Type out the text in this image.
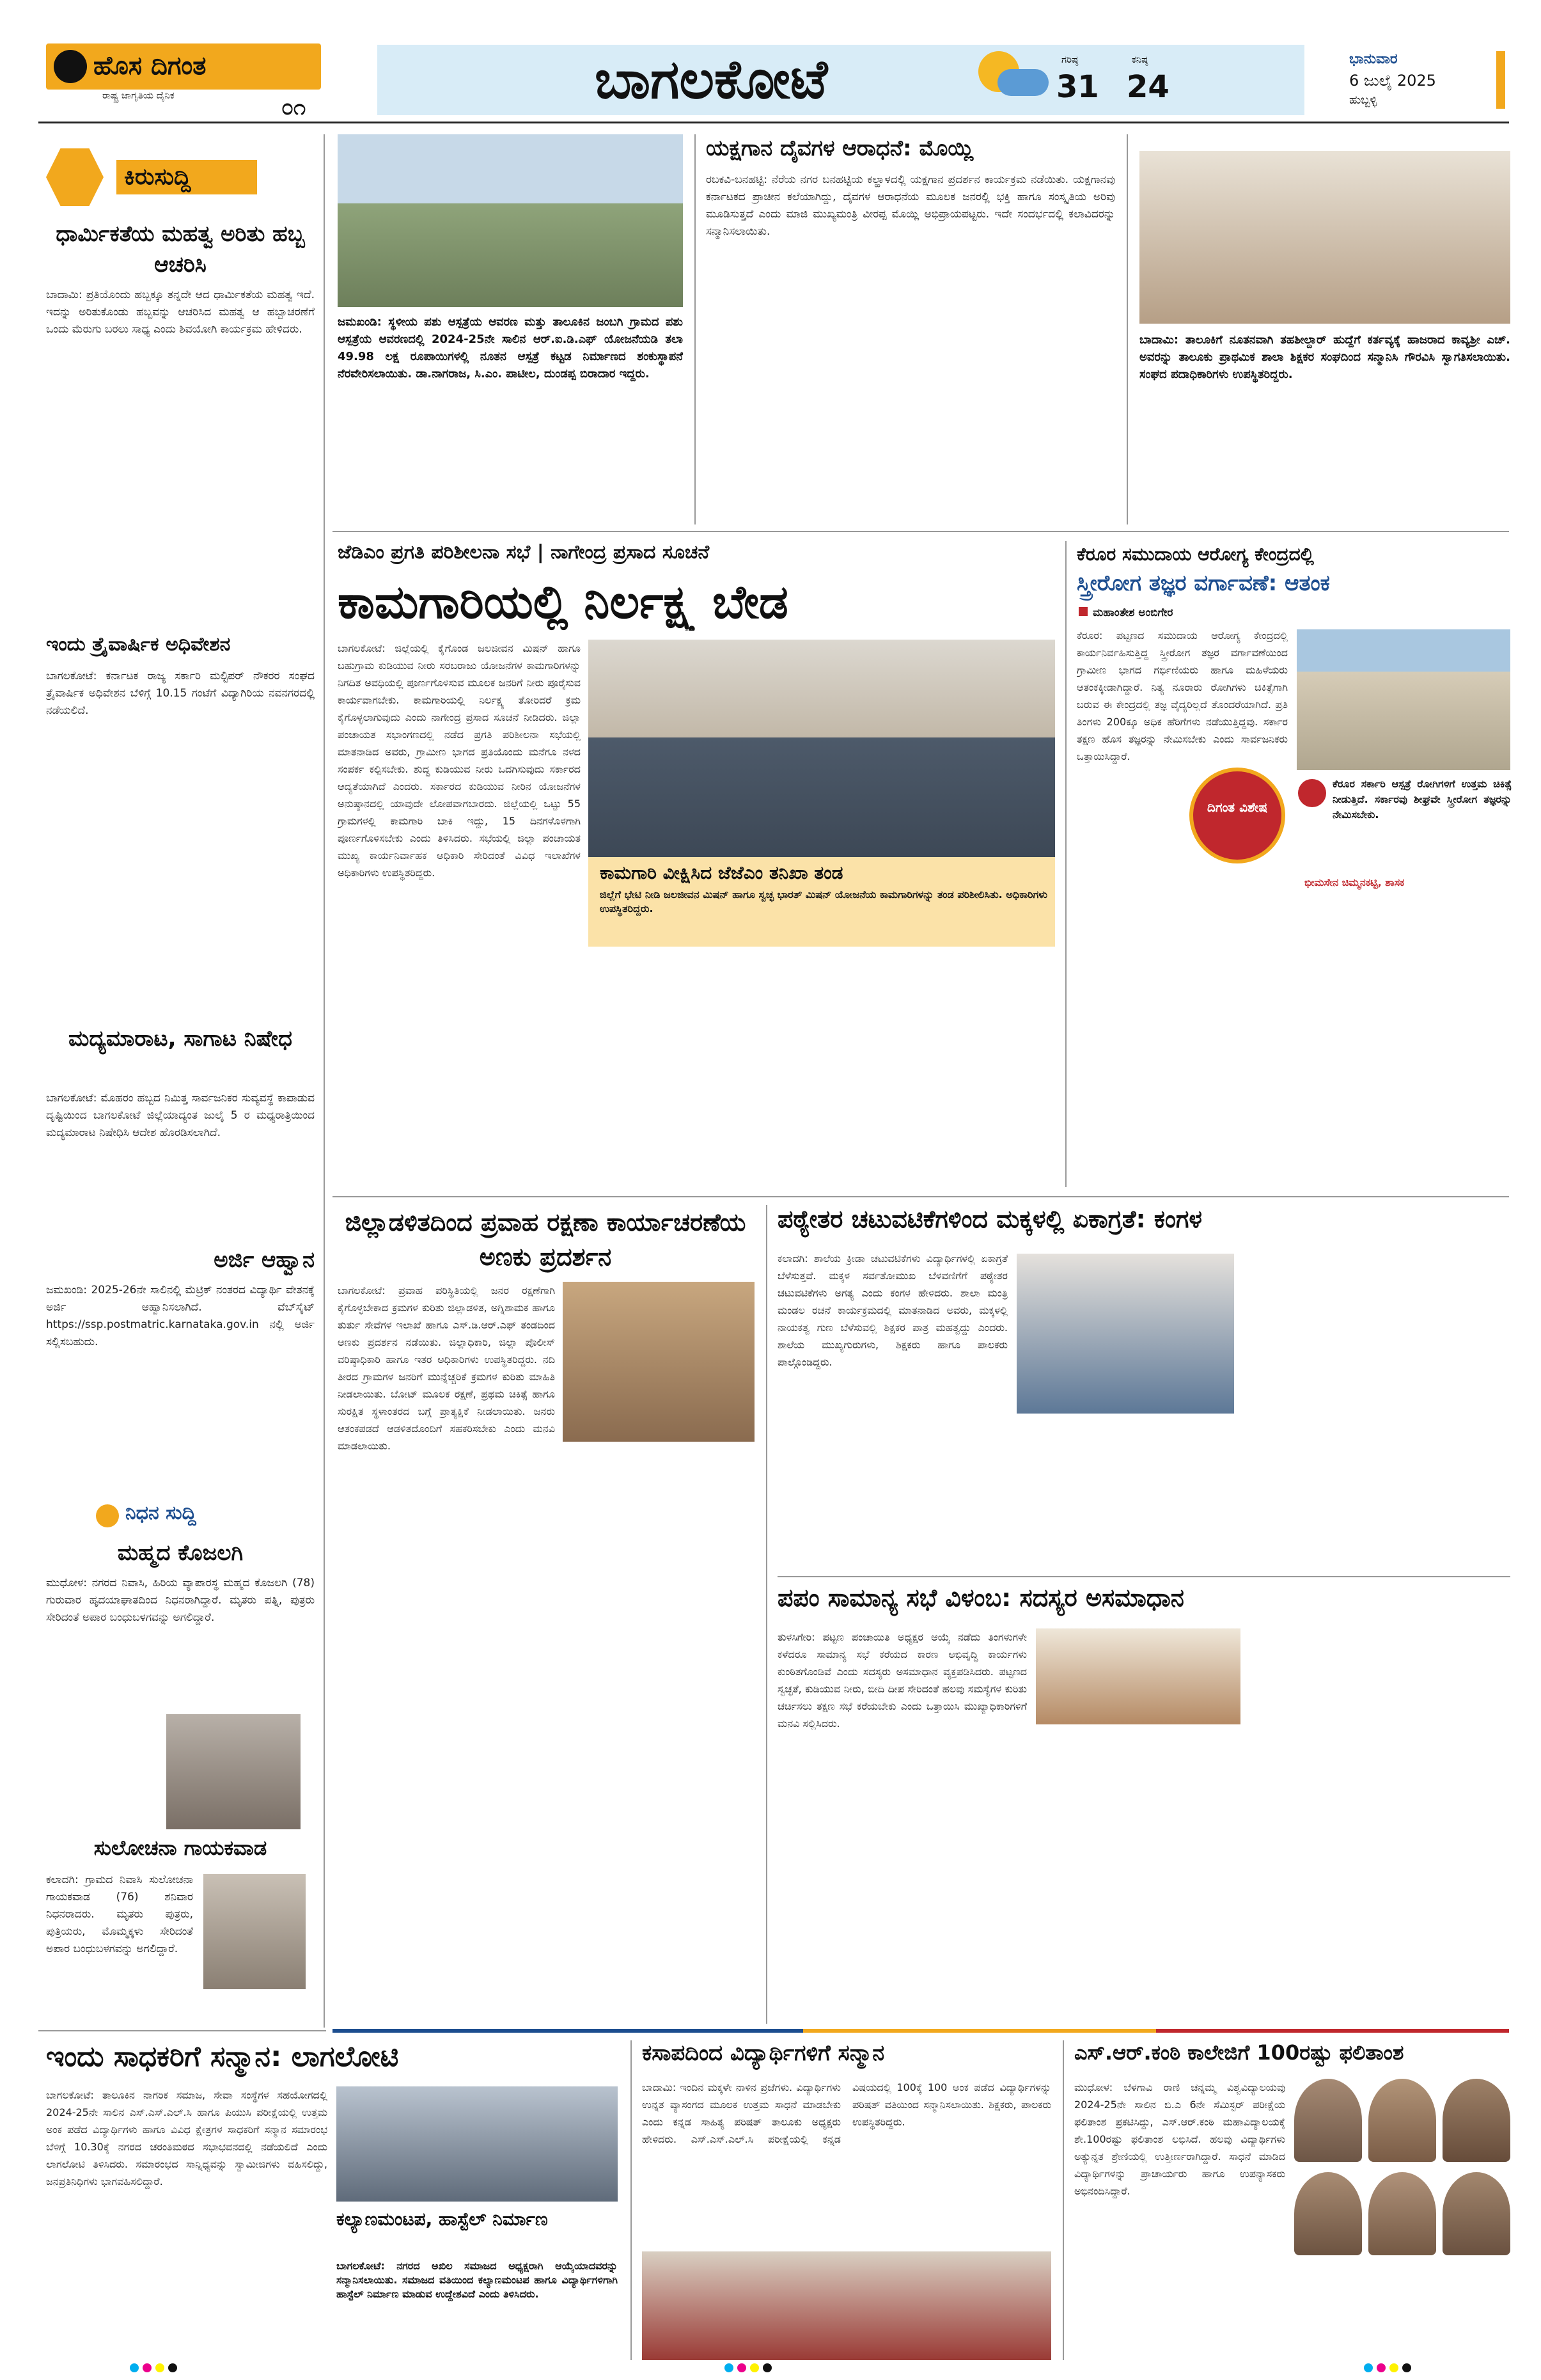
ಹೊಸ ದಿಗಂತ
ರಾಷ್ಟ್ರ ಜಾಗೃತಿಯ ದೈನಿಕ	೦೧	ಬಾಗಲಕೋಟೆ	ಗರಿಷ್ಠ
31
ಕನಿಷ್ಠ
24
ಭಾನುವಾರ
6 ಜುಲೈ 2025
ಹುಬ್ಬಳ್ಳಿ
ಕಿರುಸುದ್ದಿ
ಧಾರ್ಮಿಕತೆಯ ಮಹತ್ವ ಅರಿತು ಹಬ್ಬ ಆಚರಿಸಿ
ಬಾದಾಮಿ: ಪ್ರತಿಯೊಂದು ಹಬ್ಬಕ್ಕೂ ತನ್ನದೇ ಆದ ಧಾರ್ಮಿಕತೆಯ ಮಹತ್ವ ಇದೆ. ಇದನ್ನು ಅರಿತುಕೊಂಡು ಹಬ್ಬವನ್ನು ಆಚರಿಸಿದ ಮಹತ್ವ ಆ ಹಬ್ಬಾಚರಣೆಗೆ ಒಂದು ಮೆರುಗು ಬರಲು ಸಾಧ್ಯ ಎಂದು ಶಿವಯೋಗಿ ಕಾರ್ಯಕ್ರಮ ಹೇಳಿದರು.
ಇಂದು ತ್ರೈವಾರ್ಷಿಕ ಅಧಿವೇಶನ
ಬಾಗಲಕೋಟೆ: ಕರ್ನಾಟಕ ರಾಜ್ಯ ಸರ್ಕಾರಿ ಮಲ್ಟಿಪರ್ ನೌಕರರ ಸಂಘದ ತ್ರೈವಾರ್ಷಿಕ ಅಧಿವೇಶನ ಬೆಳಿಗ್ಗೆ 10.15 ಗಂಟೆಗೆ ವಿದ್ಯಾಗಿರಿಯ ನವನಗರದಲ್ಲಿ ನಡೆಯಲಿದೆ.
ಮದ್ಯಮಾರಾಟ, ಸಾಗಾಟ ನಿಷೇಧ
ಬಾಗಲಕೋಟೆ: ಮೊಹರಂ ಹಬ್ಬದ ನಿಮಿತ್ತ ಸಾರ್ವಜನಿಕರ ಸುವ್ಯವಸ್ಥೆ ಕಾಪಾಡುವ ದೃಷ್ಟಿಯಿಂದ ಬಾಗಲಕೋಟೆ ಜಿಲ್ಲೆಯಾದ್ಯಂತ ಜುಲೈ 5 ರ ಮಧ್ಯರಾತ್ರಿಯಿಂದ ಮದ್ಯಮಾರಾಟ ನಿಷೇಧಿಸಿ ಆದೇಶ ಹೊರಡಿಸಲಾಗಿದೆ.
ಅರ್ಜಿ ಆಹ್ವಾನ
ಜಮಖಂಡಿ: 2025-26ನೇ ಸಾಲಿನಲ್ಲಿ ಮೆಟ್ರಿಕ್ ನಂತರದ ವಿದ್ಯಾರ್ಥಿ ವೇತನಕ್ಕೆ ಅರ್ಜಿ ಆಹ್ವಾನಿಸಲಾಗಿದೆ. ವೆಬ್‌ಸೈಟ್ https://ssp.postmatric.karnataka.gov.in ನಲ್ಲಿ ಅರ್ಜಿ ಸಲ್ಲಿಸಬಹುದು.
ನಿಧನ ಸುದ್ದಿ
ಮಹ್ಮದ ಕೊಜಲಗಿ
ಮುಧೋಳ: ನಗರದ ನಿವಾಸಿ, ಹಿರಿಯ ವ್ಯಾಪಾರಸ್ಥ ಮಹ್ಮದ ಕೊಜಲಗಿ (78) ಗುರುವಾರ ಹೃದಯಾಘಾತದಿಂದ ನಿಧನರಾಗಿದ್ದಾರೆ. ಮೃತರು ಪತ್ನಿ, ಪುತ್ರರು ಸೇರಿದಂತೆ ಅಪಾರ ಬಂಧುಬಳಗವನ್ನು ಅಗಲಿದ್ದಾರೆ.
ಸುಲೋಚನಾ ಗಾಯಕವಾಡ
ಕಲಾದಗಿ: ಗ್ರಾಮದ ನಿವಾಸಿ ಸುಲೋಚನಾ ಗಾಯಕವಾಡ (76) ಶನಿವಾರ ನಿಧನರಾದರು. ಮೃತರು ಪುತ್ರರು, ಪುತ್ರಿಯರು, ಮೊಮ್ಮಕ್ಕಳು ಸೇರಿದಂತೆ ಅಪಾರ ಬಂಧುಬಳಗವನ್ನು ಅಗಲಿದ್ದಾರೆ.
ಜಮಖಂಡಿ: ಸ್ಥಳೀಯ ಪಶು ಆಸ್ಪತ್ರೆಯ ಆವರಣ ಮತ್ತು ತಾಲೂಕಿನ ಜಂಬಗಿ ಗ್ರಾಮದ ಪಶು ಆಸ್ಪತ್ರೆಯ ಆವರಣದಲ್ಲಿ 2024-25ನೇ ಸಾಲಿನ ಆರ್.ಐ.ಡಿ.ಎಫ್ ಯೋಜನೆಯಡಿ ತಲಾ 49.98 ಲಕ್ಷ ರೂಪಾಯಿಗಳಲ್ಲಿ ನೂತನ ಆಸ್ಪತ್ರೆ ಕಟ್ಟಡ ನಿರ್ಮಾಣದ ಶಂಕುಸ್ಥಾಪನೆ ನೆರವೇರಿಸಲಾಯಿತು. ಡಾ.ನಾಗರಾಜ, ಸಿ.ಎಂ. ಪಾಟೀಲ, ದುಂಡಪ್ಪ ಬಿರಾದಾರ ಇದ್ದರು.
ಯಕ್ಷಗಾನ ದೈವಗಳ ಆರಾಧನೆ: ಮೊಯ್ಲಿ
ರಬಕವಿ-ಬನಹಟ್ಟಿ: ನೆರೆಯ ನಗರ ಬನಹಟ್ಟಿಯ ಕಲ್ಹಾಳದಲ್ಲಿ ಯಕ್ಷಗಾನ ಪ್ರದರ್ಶನ ಕಾರ್ಯಕ್ರಮ ನಡೆಯಿತು. ಯಕ್ಷಗಾನವು ಕರ್ನಾಟಕದ ಪ್ರಾಚೀನ ಕಲೆಯಾಗಿದ್ದು, ದೈವಗಳ ಆರಾಧನೆಯ ಮೂಲಕ ಜನರಲ್ಲಿ ಭಕ್ತಿ ಹಾಗೂ ಸಂಸ್ಕೃತಿಯ ಅರಿವು ಮೂಡಿಸುತ್ತದೆ ಎಂದು ಮಾಜಿ ಮುಖ್ಯಮಂತ್ರಿ ವೀರಪ್ಪ ಮೊಯ್ಲಿ ಅಭಿಪ್ರಾಯಪಟ್ಟರು. ಇದೇ ಸಂದರ್ಭದಲ್ಲಿ ಕಲಾವಿದರನ್ನು ಸನ್ಮಾನಿಸಲಾಯಿತು.
ಬಾದಾಮಿ: ತಾಲೂಕಿಗೆ ನೂತನವಾಗಿ ತಹಶೀಲ್ದಾರ್ ಹುದ್ದೆಗೆ ಕರ್ತವ್ಯಕ್ಕೆ ಹಾಜರಾದ ಕಾವ್ಯಶ್ರೀ ಎಚ್. ಅವರನ್ನು ತಾಲೂಕು ಪ್ರಾಥಮಿಕ ಶಾಲಾ ಶಿಕ್ಷಕರ ಸಂಘದಿಂದ ಸನ್ಮಾನಿಸಿ ಗೌರವಿಸಿ ಸ್ವಾಗತಿಸಲಾಯಿತು. ಸಂಘದ ಪದಾಧಿಕಾರಿಗಳು ಉಪಸ್ಥಿತರಿದ್ದರು.
ಜೆಡಿಎಂ ಪ್ರಗತಿ ಪರಿಶೀಲನಾ ಸಭೆ | ನಾಗೇಂದ್ರ ಪ್ರಸಾದ ಸೂಚನೆ
ಕಾಮಗಾರಿಯಲ್ಲಿ ನಿರ್ಲಕ್ಷ್ಯ ಬೇಡ
ಬಾಗಲಕೋಟೆ: ಜಿಲ್ಲೆಯಲ್ಲಿ ಕೈಗೊಂಡ ಜಲಜೀವನ ಮಿಷನ್ ಹಾಗೂ ಬಹುಗ್ರಾಮ ಕುಡಿಯುವ ನೀರು ಸರಬರಾಜು ಯೋಜನೆಗಳ ಕಾಮಗಾರಿಗಳನ್ನು ನಿಗದಿತ ಅವಧಿಯಲ್ಲಿ ಪೂರ್ಣಗೊಳಿಸುವ ಮೂಲಕ ಜನರಿಗೆ ನೀರು ಪೂರೈಸುವ ಕಾರ್ಯವಾಗಬೇಕು. ಕಾಮಗಾರಿಯಲ್ಲಿ ನಿರ್ಲಕ್ಷ್ಯ ತೋರಿದರೆ ಕ್ರಮ ಕೈಗೊಳ್ಳಲಾಗುವುದು ಎಂದು ನಾಗೇಂದ್ರ ಪ್ರಸಾದ ಸೂಚನೆ ನೀಡಿದರು. ಜಿಲ್ಲಾ ಪಂಚಾಯತ ಸಭಾಂಗಣದಲ್ಲಿ ನಡೆದ ಪ್ರಗತಿ ಪರಿಶೀಲನಾ ಸಭೆಯಲ್ಲಿ ಮಾತನಾಡಿದ ಅವರು, ಗ್ರಾಮೀಣ ಭಾಗದ ಪ್ರತಿಯೊಂದು ಮನೆಗೂ ನಳದ ಸಂಪರ್ಕ ಕಲ್ಪಿಸಬೇಕು. ಶುದ್ಧ ಕುಡಿಯುವ ನೀರು ಒದಗಿಸುವುದು ಸರ್ಕಾರದ ಆದ್ಯತೆಯಾಗಿದೆ ಎಂದರು. ಸರ್ಕಾರದ ಕುಡಿಯುವ ನೀರಿನ ಯೋಜನೆಗಳ ಅನುಷ್ಠಾನದಲ್ಲಿ ಯಾವುದೇ ಲೋಪವಾಗಬಾರದು. ಜಿಲ್ಲೆಯಲ್ಲಿ ಒಟ್ಟು 55 ಗ್ರಾಮಗಳಲ್ಲಿ ಕಾಮಗಾರಿ ಬಾಕಿ ಇದ್ದು, 15 ದಿನಗಳೊಳಗಾಗಿ ಪೂರ್ಣಗೊಳಿಸಬೇಕು ಎಂದು ತಿಳಿಸಿದರು. ಸಭೆಯಲ್ಲಿ ಜಿಲ್ಲಾ ಪಂಚಾಯತ ಮುಖ್ಯ ಕಾರ್ಯನಿರ್ವಾಹಕ ಅಧಿಕಾರಿ ಸೇರಿದಂತೆ ವಿವಿಧ ಇಲಾಖೆಗಳ ಅಧಿಕಾರಿಗಳು ಉಪಸ್ಥಿತರಿದ್ದರು.	ಕಾಮಗಾರಿ ವೀಕ್ಷಿಸಿದ ಜೆಜೆಎಂ ತನಿಖಾ ತಂಡ
ಜಿಲ್ಲೆಗೆ ಭೇಟಿ ನೀಡಿ ಜಲಜೀವನ ಮಿಷನ್ ಹಾಗೂ ಸ್ವಚ್ಛ ಭಾರತ್ ಮಿಷನ್ ಯೋಜನೆಯ ಕಾಮಗಾರಿಗಳನ್ನು ತಂಡ ಪರಿಶೀಲಿಸಿತು. ಅಧಿಕಾರಿಗಳು ಉಪಸ್ಥಿತರಿದ್ದರು.
ಕೆರೂರ ಸಮುದಾಯ ಆರೋಗ್ಯ ಕೇಂದ್ರದಲ್ಲಿ
ಸ್ತ್ರೀರೋಗ ತಜ್ಞರ ವರ್ಗಾವಣೆ: ಆತಂಕ
ಮಹಾಂತೇಶ ಅಂಬಿಗೇರ
ಕೆರೂರ: ಪಟ್ಟಣದ ಸಮುದಾಯ ಆರೋಗ್ಯ ಕೇಂದ್ರದಲ್ಲಿ ಕಾರ್ಯನಿರ್ವಹಿಸುತ್ತಿದ್ದ ಸ್ತ್ರೀರೋಗ ತಜ್ಞರ ವರ್ಗಾವಣೆಯಿಂದ ಗ್ರಾಮೀಣ ಭಾಗದ ಗರ್ಭಿಣಿಯರು ಹಾಗೂ ಮಹಿಳೆಯರು ಆತಂಕಕ್ಕೀಡಾಗಿದ್ದಾರೆ. ನಿತ್ಯ ನೂರಾರು ರೋಗಿಗಳು ಚಿಕಿತ್ಸೆಗಾಗಿ ಬರುವ ಈ ಕೇಂದ್ರದಲ್ಲಿ ತಜ್ಞ ವೈದ್ಯರಿಲ್ಲದೆ ತೊಂದರೆಯಾಗಿದೆ. ಪ್ರತಿ ತಿಂಗಳು 200ಕ್ಕೂ ಅಧಿಕ ಹೆರಿಗೆಗಳು ನಡೆಯುತ್ತಿದ್ದವು. ಸರ್ಕಾರ ತಕ್ಷಣ ಹೊಸ ತಜ್ಞರನ್ನು ನೇಮಿಸಬೇಕು ಎಂದು ಸಾರ್ವಜನಿಕರು ಒತ್ತಾಯಿಸಿದ್ದಾರೆ.
ದಿಗಂತ ವಿಶೇಷ
ಕೆರೂರ ಸರ್ಕಾರಿ ಆಸ್ಪತ್ರೆ ರೋಗಿಗಳಿಗೆ ಉತ್ತಮ ಚಿಕಿತ್ಸೆ ನೀಡುತ್ತಿದೆ. ಸರ್ಕಾರವು ಶೀಘ್ರವೇ ಸ್ತ್ರೀರೋಗ ತಜ್ಞರನ್ನು ನೇಮಿಸಬೇಕು.
ಭೀಮಸೇನ ಚಿಮ್ಮನಕಟ್ಟಿ, ಶಾಸಕ
ಜಿಲ್ಲಾಡಳಿತದಿಂದ ಪ್ರವಾಹ ರಕ್ಷಣಾ ಕಾರ್ಯಾಚರಣೆಯ ಅಣಕು ಪ್ರದರ್ಶನ
ಬಾಗಲಕೋಟೆ: ಪ್ರವಾಹ ಪರಿಸ್ಥಿತಿಯಲ್ಲಿ ಜನರ ರಕ್ಷಣೆಗಾಗಿ ಕೈಗೊಳ್ಳಬೇಕಾದ ಕ್ರಮಗಳ ಕುರಿತು ಜಿಲ್ಲಾಡಳಿತ, ಅಗ್ನಿಶಾಮಕ ಹಾಗೂ ತುರ್ತು ಸೇವೆಗಳ ಇಲಾಖೆ ಹಾಗೂ ಎಸ್.ಡಿ.ಆರ್.ಎಫ್ ತಂಡದಿಂದ ಅಣಕು ಪ್ರದರ್ಶನ ನಡೆಯಿತು. ಜಿಲ್ಲಾಧಿಕಾರಿ, ಜಿಲ್ಲಾ ಪೊಲೀಸ್ ವರಿಷ್ಠಾಧಿಕಾರಿ ಹಾಗೂ ಇತರ ಅಧಿಕಾರಿಗಳು ಉಪಸ್ಥಿತರಿದ್ದರು. ನದಿ ತೀರದ ಗ್ರಾಮಗಳ ಜನರಿಗೆ ಮುನ್ನೆಚ್ಚರಿಕೆ ಕ್ರಮಗಳ ಕುರಿತು ಮಾಹಿತಿ ನೀಡಲಾಯಿತು. ಬೋಟ್ ಮೂಲಕ ರಕ್ಷಣೆ, ಪ್ರಥಮ ಚಿಕಿತ್ಸೆ ಹಾಗೂ ಸುರಕ್ಷಿತ ಸ್ಥಳಾಂತರದ ಬಗ್ಗೆ ಪ್ರಾತ್ಯಕ್ಷಿಕೆ ನೀಡಲಾಯಿತು. ಜನರು ಆತಂಕಪಡದೆ ಆಡಳಿತದೊಂದಿಗೆ ಸಹಕರಿಸಬೇಕು ಎಂದು ಮನವಿ ಮಾಡಲಾಯಿತು.
ಪಠ್ಯೇತರ ಚಟುವಟಿಕೆಗಳಿಂದ ಮಕ್ಕಳಲ್ಲಿ ಏಕಾಗ್ರತೆ: ಕಂಗಳ
ಕಲಾದಗಿ: ಶಾಲೆಯ ಕ್ರೀಡಾ ಚಟುವಟಿಕೆಗಳು ವಿದ್ಯಾರ್ಥಿಗಳಲ್ಲಿ ಏಕಾಗ್ರತೆ ಬೆಳೆಸುತ್ತವೆ. ಮಕ್ಕಳ ಸರ್ವತೋಮುಖ ಬೆಳವಣಿಗೆಗೆ ಪಠ್ಯೇತರ ಚಟುವಟಿಕೆಗಳು ಅಗತ್ಯ ಎಂದು ಕಂಗಳ ಹೇಳಿದರು. ಶಾಲಾ ಮಂತ್ರಿ ಮಂಡಲ ರಚನೆ ಕಾರ್ಯಕ್ರಮದಲ್ಲಿ ಮಾತನಾಡಿದ ಅವರು, ಮಕ್ಕಳಲ್ಲಿ ನಾಯಕತ್ವ ಗುಣ ಬೆಳೆಸುವಲ್ಲಿ ಶಿಕ್ಷಕರ ಪಾತ್ರ ಮಹತ್ವದ್ದು ಎಂದರು. ಶಾಲೆಯ ಮುಖ್ಯಗುರುಗಳು, ಶಿಕ್ಷಕರು ಹಾಗೂ ಪಾಲಕರು ಪಾಲ್ಗೊಂಡಿದ್ದರು.
ಪಪಂ ಸಾಮಾನ್ಯ ಸಭೆ ವಿಳಂಬ: ಸದಸ್ಯರ ಅಸಮಾಧಾನ
ತುಳಸಿಗೇರಿ: ಪಟ್ಟಣ ಪಂಚಾಯಿತಿ ಅಧ್ಯಕ್ಷರ ಆಯ್ಕೆ ನಡೆದು ತಿಂಗಳುಗಳೇ ಕಳೆದರೂ ಸಾಮಾನ್ಯ ಸಭೆ ಕರೆಯದ ಕಾರಣ ಅಭಿವೃದ್ಧಿ ಕಾರ್ಯಗಳು ಕುಂಠಿತಗೊಂಡಿವೆ ಎಂದು ಸದಸ್ಯರು ಅಸಮಾಧಾನ ವ್ಯಕ್ತಪಡಿಸಿದರು. ಪಟ್ಟಣದ ಸ್ವಚ್ಛತೆ, ಕುಡಿಯುವ ನೀರು, ಬೀದಿ ದೀಪ ಸೇರಿದಂತೆ ಹಲವು ಸಮಸ್ಯೆಗಳ ಕುರಿತು ಚರ್ಚಿಸಲು ತಕ್ಷಣ ಸಭೆ ಕರೆಯಬೇಕು ಎಂದು ಒತ್ತಾಯಿಸಿ ಮುಖ್ಯಾಧಿಕಾರಿಗಳಿಗೆ ಮನವಿ ಸಲ್ಲಿಸಿದರು.
ಇಂದು ಸಾಧಕರಿಗೆ ಸನ್ಮಾನ: ಲಾಗಲೋಟಿ
ಬಾಗಲಕೋಟೆ: ತಾಲೂಕಿನ ನಾಗರಿಕ ಸಮಾಜ, ಸೇವಾ ಸಂಸ್ಥೆಗಳ ಸಹಯೋಗದಲ್ಲಿ 2024-25ನೇ ಸಾಲಿನ ಎಸ್.ಎಸ್.ಎಲ್.ಸಿ ಹಾಗೂ ಪಿಯುಸಿ ಪರೀಕ್ಷೆಯಲ್ಲಿ ಉತ್ತಮ ಅಂಕ ಪಡೆದ ವಿದ್ಯಾರ್ಥಿಗಳು ಹಾಗೂ ವಿವಿಧ ಕ್ಷೇತ್ರಗಳ ಸಾಧಕರಿಗೆ ಸನ್ಮಾನ ಸಮಾರಂಭ ಬೆಳಿಗ್ಗೆ 10.30ಕ್ಕೆ ನಗರದ ಚರಂತಿಮಠದ ಸಭಾಭವನದಲ್ಲಿ ನಡೆಯಲಿದೆ ಎಂದು ಲಾಗಲೋಟಿ ತಿಳಿಸಿದರು. ಸಮಾರಂಭದ ಸಾನ್ನಿಧ್ಯವನ್ನು ಸ್ವಾಮೀಜಿಗಳು ವಹಿಸಲಿದ್ದು, ಜನಪ್ರತಿನಿಧಿಗಳು ಭಾಗವಹಿಸಲಿದ್ದಾರೆ.
ಕಲ್ಯಾಣಮಂಟಪ, ಹಾಸ್ಟೆಲ್ ನಿರ್ಮಾಣ
ಬಾಗಲಕೋಟೆ: ನಗರದ ಅಖಿಲ ಸಮಾಜದ ಅಧ್ಯಕ್ಷರಾಗಿ ಆಯ್ಕೆಯಾದವರನ್ನು ಸನ್ಮಾನಿಸಲಾಯಿತು. ಸಮಾಜದ ವತಿಯಿಂದ ಕಲ್ಯಾಣಮಂಟಪ ಹಾಗೂ ವಿದ್ಯಾರ್ಥಿಗಳಿಗಾಗಿ ಹಾಸ್ಟೆಲ್ ನಿರ್ಮಾಣ ಮಾಡುವ ಉದ್ದೇಶವಿದೆ ಎಂದು ತಿಳಿಸಿದರು.
ಕಸಾಪದಿಂದ ವಿದ್ಯಾರ್ಥಿಗಳಿಗೆ ಸನ್ಮಾನ
ಬಾದಾಮಿ: ಇಂದಿನ ಮಕ್ಕಳೇ ನಾಳಿನ ಪ್ರಜೆಗಳು. ವಿದ್ಯಾರ್ಥಿಗಳು ಉನ್ನತ ವ್ಯಾಸಂಗದ ಮೂಲಕ ಉತ್ತಮ ಸಾಧನೆ ಮಾಡಬೇಕು ಎಂದು ಕನ್ನಡ ಸಾಹಿತ್ಯ ಪರಿಷತ್ ತಾಲೂಕು ಅಧ್ಯಕ್ಷರು ಹೇಳಿದರು. ಎಸ್.ಎಸ್.ಎಲ್.ಸಿ ಪರೀಕ್ಷೆಯಲ್ಲಿ ಕನ್ನಡ ವಿಷಯದಲ್ಲಿ 100ಕ್ಕೆ 100 ಅಂಕ ಪಡೆದ ವಿದ್ಯಾರ್ಥಿಗಳನ್ನು ಪರಿಷತ್ ವತಿಯಿಂದ ಸನ್ಮಾನಿಸಲಾಯಿತು. ಶಿಕ್ಷಕರು, ಪಾಲಕರು ಉಪಸ್ಥಿತರಿದ್ದರು.
ಎಸ್.ಆರ್.ಕಂಠಿ ಕಾಲೇಜಿಗೆ 100ರಷ್ಟು ಫಲಿತಾಂಶ
ಮುಧೋಳ: ಬೆಳಗಾವಿ ರಾಣಿ ಚನ್ನಮ್ಮ ವಿಶ್ವವಿದ್ಯಾಲಯವು 2024-25ನೇ ಸಾಲಿನ ಬಿ.ಎ 6ನೇ ಸೆಮಿಸ್ಟರ್ ಪರೀಕ್ಷೆಯ ಫಲಿತಾಂಶ ಪ್ರಕಟಿಸಿದ್ದು, ಎಸ್.ಆರ್.ಕಂಠಿ ಮಹಾವಿದ್ಯಾಲಯಕ್ಕೆ ಶೇ.100ರಷ್ಟು ಫಲಿತಾಂಶ ಲಭಿಸಿದೆ. ಹಲವು ವಿದ್ಯಾರ್ಥಿಗಳು ಅತ್ಯುನ್ನತ ಶ್ರೇಣಿಯಲ್ಲಿ ಉತ್ತೀರ್ಣರಾಗಿದ್ದಾರೆ. ಸಾಧನೆ ಮಾಡಿದ ವಿದ್ಯಾರ್ಥಿಗಳನ್ನು ಪ್ರಾಚಾರ್ಯರು ಹಾಗೂ ಉಪನ್ಯಾಸಕರು ಅಭಿನಂದಿಸಿದ್ದಾರೆ.
